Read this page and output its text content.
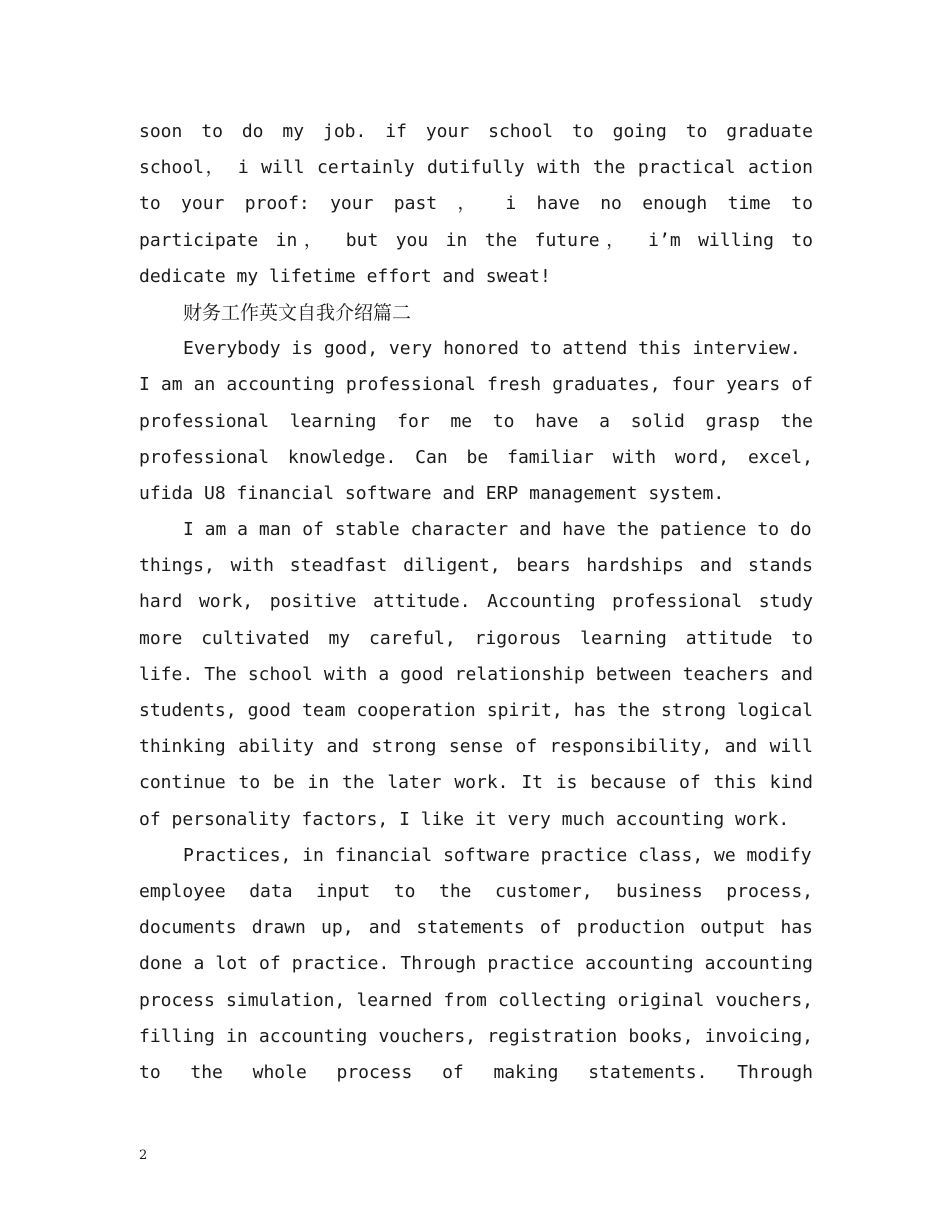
soon to do my job. if your school to going to graduate
school， i will certainly dutifully with the practical action
to your proof: your past ， i have no enough time to
participate in， but you in the future， i’m willing to
dedicate my lifetime effort and sweat!
财务工作英文自我介绍篇二
Everybody is good, very honored to attend this interview.
I am an accounting professional fresh graduates, four years of
professional learning for me to have a solid grasp the
professional knowledge. Can be familiar with word, excel,
ufida U8 financial software and ERP management system.
I am a man of stable character and have the patience to do
things, with steadfast diligent, bears hardships and stands
hard work, positive attitude. Accounting professional study
more cultivated my careful, rigorous learning attitude to
life. The school with a good relationship between teachers and
students, good team cooperation spirit, has the strong logical
thinking ability and strong sense of responsibility, and will
continue to be in the later work. It is because of this kind
of personality factors, I like it very much accounting work.
Practices, in financial software practice class, we modify
employee data input to the customer, business process,
documents drawn up, and statements of production output has
done a lot of practice. Through practice accounting accounting
process simulation, learned from collecting original vouchers,
filling in accounting vouchers, registration books, invoicing,
to the whole process of making statements. Through
2
